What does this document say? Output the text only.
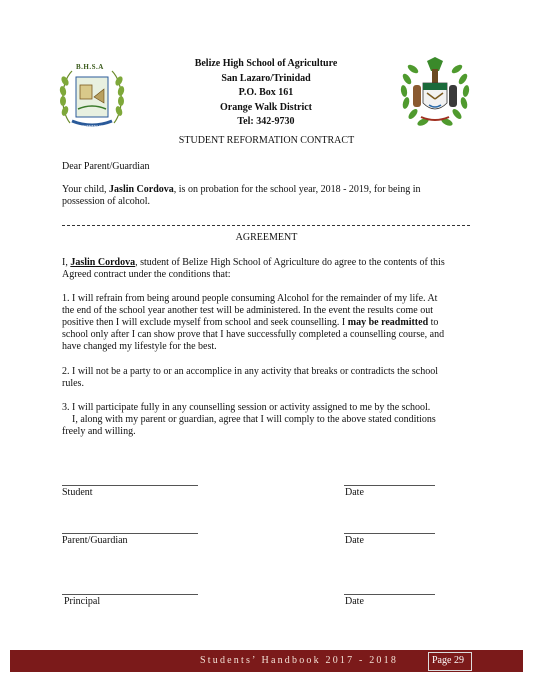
B.H.S.A
IMPROVEMENT THROUGH WORK
Belize High School of Agriculture
San Lazaro/Trinidad
P.O. Box 161
Orange Walk District
Tel: 342-9730
STUDENT REFORMATION CONTRACT
Dear Parent/Guardian
Your child, Jaslin Cordova, is on probation for the school year, 2018 - 2019, for being in
possession of alcohol.
AGREEMENT
I, Jaslin Cordova, student of Belize High School of Agriculture do agree to the contents of this
Agreed contract under the conditions that:
1. I will refrain from being around people consuming Alcohol for the remainder of my life. At
the end of the school year another test will be administered. In the event the results come out
positive then I will exclude myself from school and seek counselling. I may be readmitted to
school only after I can show prove that I have successfully completed a counselling course, and
have changed my lifestyle for the best.
2. I will not be a party to or an accomplice in any activity that breaks or contradicts the school
rules.
3. I will participate fully in any counselling session or activity assigned to me by the school.
I, along with my parent or guardian, agree that I will comply to the above stated conditions
freely and willing.
Student	Date
Parent/Guardian	Date
Principal	Date
Students’ Handbook 2017 - 2018	Page 29
